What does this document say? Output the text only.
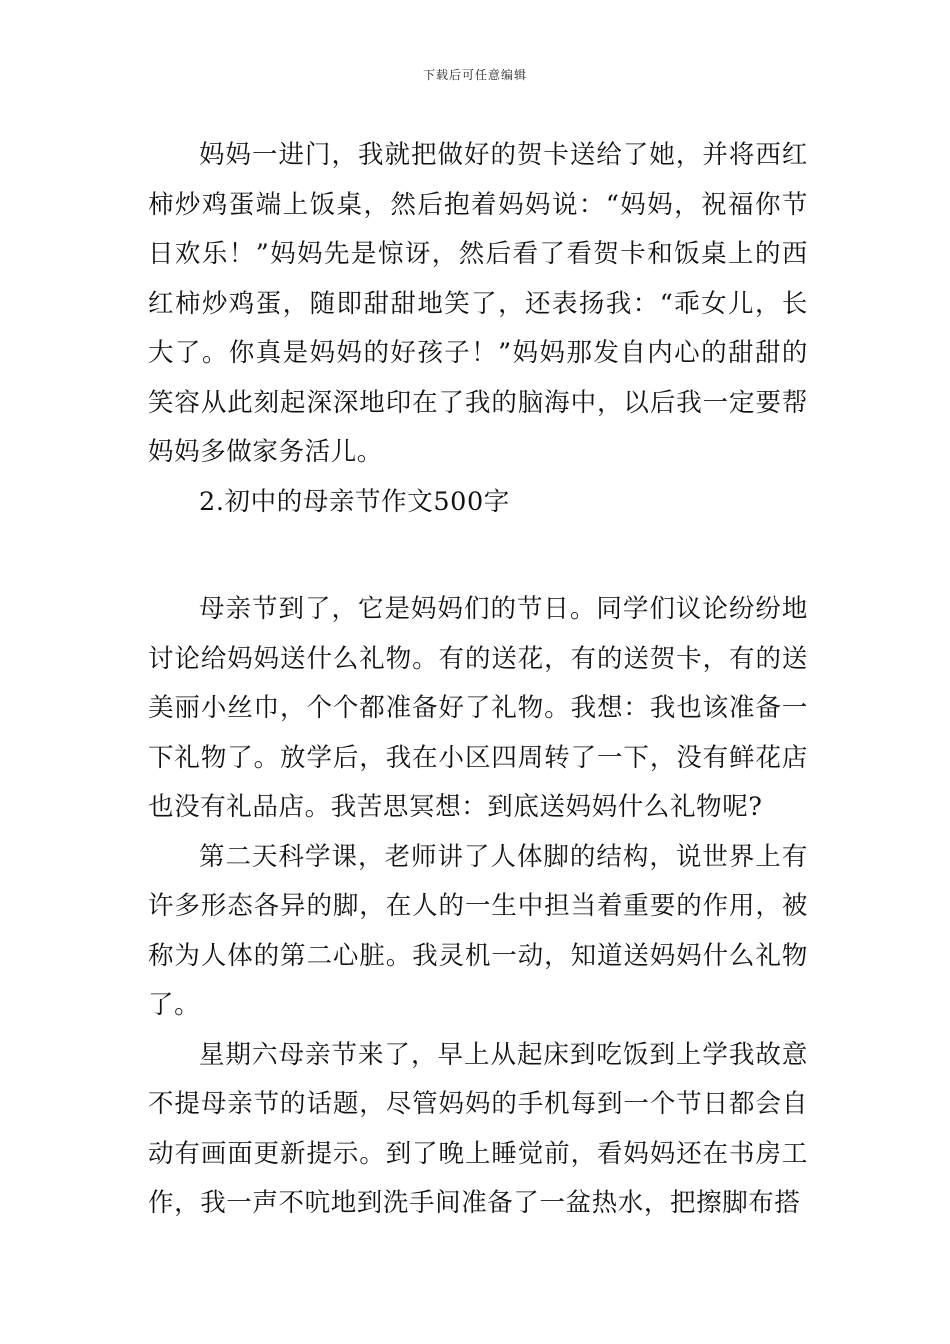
下载后可任意编辑

妈妈一进门，我就把做好的贺卡送给了她，并将西红柿炒鸡蛋端上饭桌，然后抱着妈妈说：“妈妈，祝福你节日欢乐！”妈妈先是惊讶，然后看了看贺卡和饭桌上的西红柿炒鸡蛋，随即甜甜地笑了，还表扬我：“乖女儿，长大了。你真是妈妈的好孩子！”妈妈那发自内心的甜甜的笑容从此刻起深深地印在了我的脑海中，以后我一定要帮妈妈多做家务活儿。

2.初中的母亲节作文500字

母亲节到了，它是妈妈们的节日。同学们议论纷纷地讨论给妈妈送什么礼物。有的送花，有的送贺卡，有的送美丽小丝巾，个个都准备好了礼物。我想：我也该准备一下礼物了。放学后，我在小区四周转了一下，没有鲜花店也没有礼品店。我苦思冥想：到底送妈妈什么礼物呢?

第二天科学课，老师讲了人体脚的结构，说世界上有许多形态各异的脚，在人的一生中担当着重要的作用，被称为人体的第二心脏。我灵机一动，知道送妈妈什么礼物了。

星期六母亲节来了，早上从起床到吃饭到上学我故意不提母亲节的话题，尽管妈妈的手机每到一个节日都会自动有画面更新提示。到了晚上睡觉前，看妈妈还在书房工作，我一声不吭地到洗手间准备了一盆热水，把擦脚布搭
